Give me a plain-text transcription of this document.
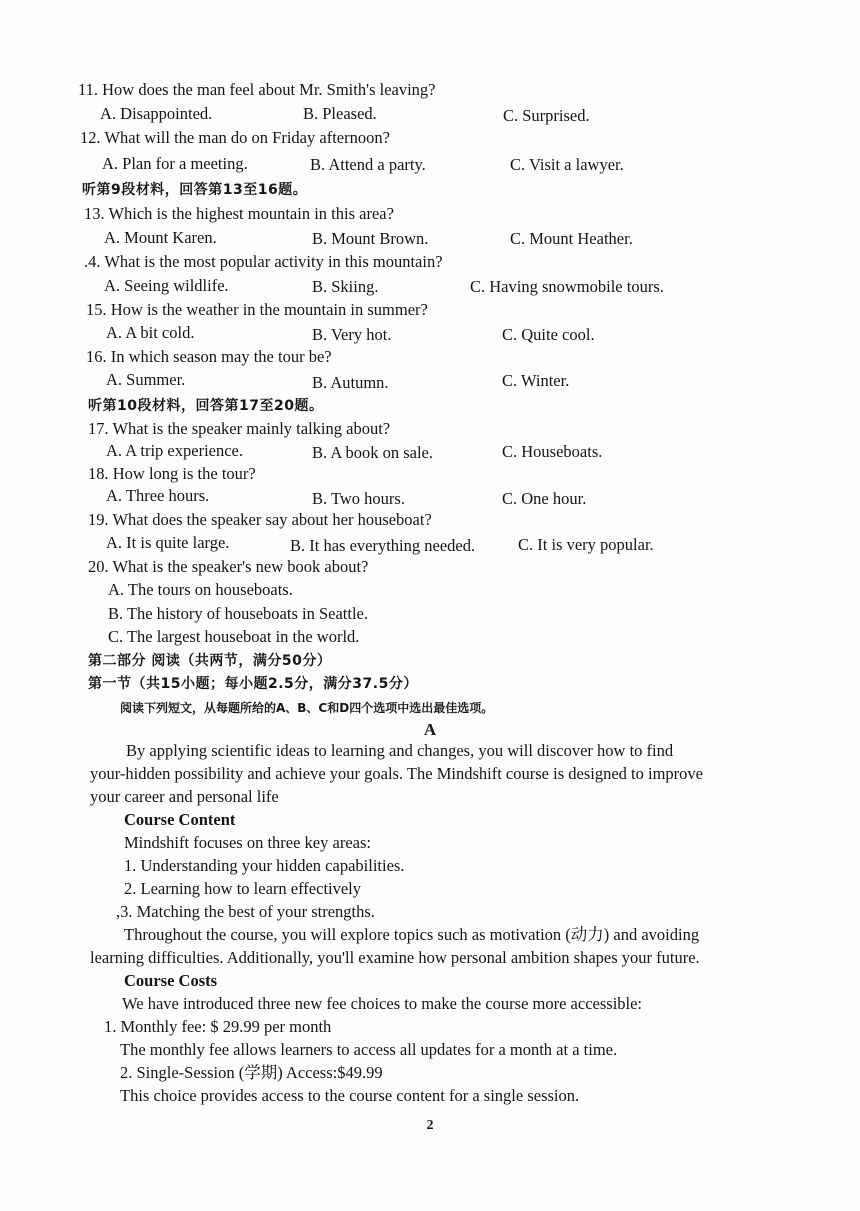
11. How does the man feel about Mr. Smith's leaving?
A. Disappointed.	B. Pleased.	C. Surprised.
12. What will the man do on Friday afternoon?
A. Plan for a meeting.	B. Attend a party.	C. Visit a lawyer.
听第9段材料，回答第13至16题。
13. Which is the highest mountain in this area?
A. Mount Karen.	B. Mount Brown.	C. Mount Heather.
.4. What is the most popular activity in this mountain?
A. Seeing wildlife.	B. Skiing.	C. Having snowmobile tours.
15. How is the weather in the mountain in summer?
A. A bit cold.	B. Very hot.	C. Quite cool.
16. In which season may the tour be?
A. Summer.	B. Autumn.	C. Winter.
听第10段材料，回答第17至20题。
17. What is the speaker mainly talking about?
A. A trip experience.	B. A book on sale.	C. Houseboats.
18. How long is the tour?
A. Three hours.	B. Two hours.	C. One hour.
19. What does the speaker say about her houseboat?
A. It is quite large.	B. It has everything needed.	C. It is very popular.
20. What is the speaker's new book about?
A. The tours on houseboats.
B. The history of houseboats in Seattle.
C. The largest houseboat in the world.
第二部分 阅读（共两节，满分50分）
第一节（共15小题；每小题2.5分，满分37.5分）
阅读下列短文，从每题所给的A、B、C和D四个选项中选出最佳选项。
A
By applying scientific ideas to learning and changes, you will discover how to find
your-hidden possibility and achieve your goals. The Mindshift course is designed to improve
your career and personal life
Course Content
Mindshift focuses on three key areas:
1. Understanding your hidden capabilities.
2. Learning how to learn effectively
,3. Matching the best of your strengths.
Throughout the course, you will explore topics such as motivation (动力) and avoiding
learning difficulties. Additionally, you'll examine how personal ambition shapes your future.
Course Costs
We have introduced three new fee choices to make the course more accessible:
1. Monthly fee: $ 29.99 per month
The monthly fee allows learners to access all updates for a month at a time.
2. Single-Session (学期) Access:$49.99
This choice provides access to the course content for a single session.
2
